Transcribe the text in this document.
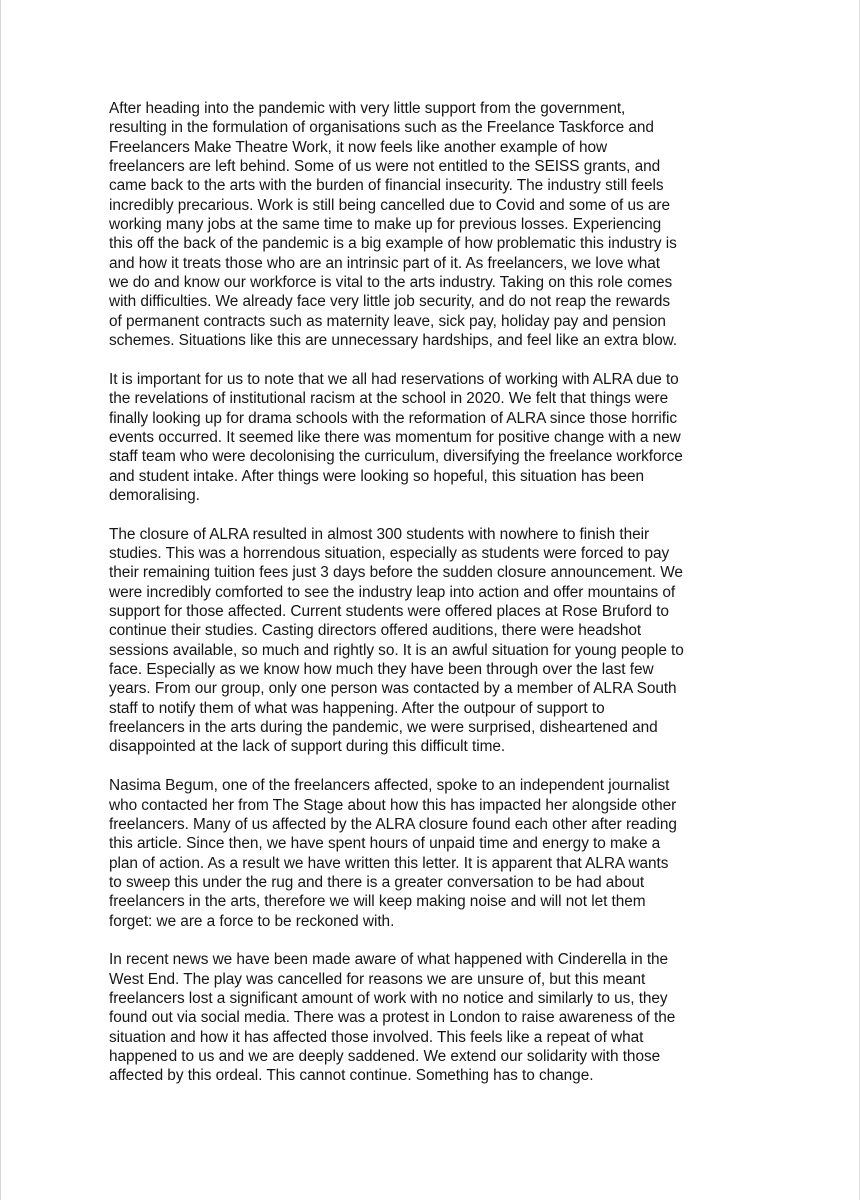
After heading into the pandemic with very little support from the government,
resulting in the formulation of organisations such as the Freelance Taskforce and
Freelancers Make Theatre Work, it now feels like another example of how
freelancers are left behind. Some of us were not entitled to the SEISS grants, and
came back to the arts with the burden of financial insecurity. The industry still feels
incredibly precarious. Work is still being cancelled due to Covid and some of us are
working many jobs at the same time to make up for previous losses. Experiencing
this off the back of the pandemic is a big example of how problematic this industry is
and how it treats those who are an intrinsic part of it. As freelancers, we love what
we do and know our workforce is vital to the arts industry. Taking on this role comes
with difficulties. We already face very little job security, and do not reap the rewards
of permanent contracts such as maternity leave, sick pay, holiday pay and pension
schemes. Situations like this are unnecessary hardships, and feel like an extra blow.

It is important for us to note that we all had reservations of working with ALRA due to
the revelations of institutional racism at the school in 2020. We felt that things were
finally looking up for drama schools with the reformation of ALRA since those horrific
events occurred. It seemed like there was momentum for positive change with a new
staff team who were decolonising the curriculum, diversifying the freelance workforce
and student intake. After things were looking so hopeful, this situation has been
demoralising.

The closure of ALRA resulted in almost 300 students with nowhere to finish their
studies. This was a horrendous situation, especially as students were forced to pay
their remaining tuition fees just 3 days before the sudden closure announcement. We
were incredibly comforted to see the industry leap into action and offer mountains of
support for those affected. Current students were offered places at Rose Bruford to
continue their studies. Casting directors offered auditions, there were headshot
sessions available, so much and rightly so. It is an awful situation for young people to
face. Especially as we know how much they have been through over the last few
years. From our group, only one person was contacted by a member of ALRA South
staff to notify them of what was happening. After the outpour of support to
freelancers in the arts during the pandemic, we were surprised, disheartened and
disappointed at the lack of support during this difficult time.

Nasima Begum, one of the freelancers affected, spoke to an independent journalist
who contacted her from The Stage about how this has impacted her alongside other
freelancers. Many of us affected by the ALRA closure found each other after reading
this article. Since then, we have spent hours of unpaid time and energy to make a
plan of action. As a result we have written this letter. It is apparent that ALRA wants
to sweep this under the rug and there is a greater conversation to be had about
freelancers in the arts, therefore we will keep making noise and will not let them
forget: we are a force to be reckoned with.

In recent news we have been made aware of what happened with Cinderella in the
West End. The play was cancelled for reasons we are unsure of, but this meant
freelancers lost a significant amount of work with no notice and similarly to us, they
found out via social media. There was a protest in London to raise awareness of the
situation and how it has affected those involved. This feels like a repeat of what
happened to us and we are deeply saddened. We extend our solidarity with those
affected by this ordeal. This cannot continue. Something has to change.
